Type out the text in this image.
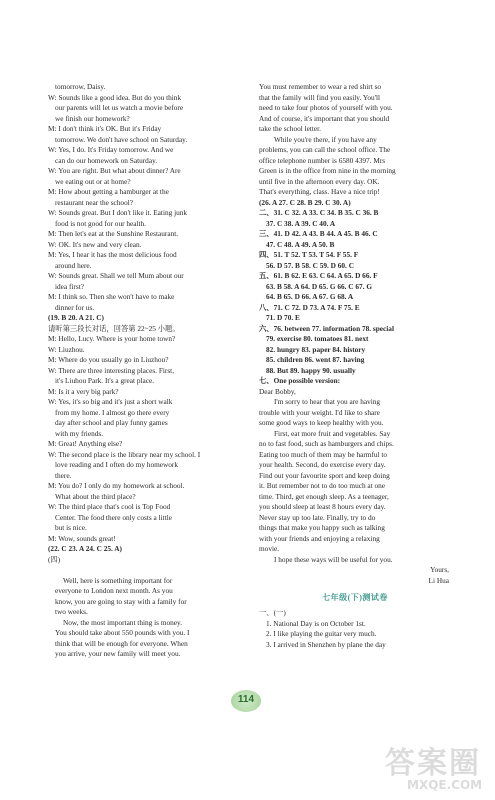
tomorrow, Daisy.
W: Sounds like a good idea. But do you think
our parents will let us watch a movie before
we finish our homework?
M: I don't think it's OK. But it's Friday
tomorrow. We don't have school on Saturday.
W: Yes, I do. It's Friday tomorrow. And we
can do our homework on Saturday.
W: You are right. But what about dinner? Are
we eating out or at home?
M: How about getting a hamburger at the
restaurant near the school?
W: Sounds great. But I don't like it. Eating junk
food is not good for our health.
M: Then let's eat at the Sunshine Restaurant.
W: OK. It's new and very clean.
M: Yes, I hear it has the most delicious food
around here.
W: Sounds great. Shall we tell Mum about our
idea first?
M: I think so. Then she won't have to make
dinner for us.
(19. B 20. A 21. C)
请听第三段长对话，回答第 22~25 小题。
M: Hello, Lucy. Where is your home town?
W: Liuzhou.
M: Where do you usually go in Liuzhou?
W: There are three interesting places. First,
it's Liuhou Park. It's a great place.
M: Is it a very big park?
W: Yes, it's so big and it's just a short walk
from my home. I almost go there every
day after school and play funny games
with my friends.
M: Great! Anything else?
W: The second place is the library near my school. I
love reading and I often do my homework
there.
M: You do? I only do my homework at school.
What about the third place?
W: The third place that's cool is Top Food
Center. The food there only costs a little
but is nice.
M: Wow, sounds great!
(22. C 23. A 24. C 25. A)
(四)

Well, here is something important for
everyone to London next month. As you
know, you are going to stay with a family for
two weeks.
Now, the most important thing is money.
You should take about 550 pounds with you. I
think that will be enough for everyone. When
you arrive, your new family will meet you.
You must remember to wear a red shirt so
that the family will find you easily. You'll
need to take four photos of yourself with you.
And of course, it's important that you should
take the school letter.
While you're there, if you have any
problems, you can call the school office. The
office telephone number is 6580 4397. Mrs
Green is in the office from nine in the morning
until five in the afternoon every day. OK.
That's everything, class. Have a nice trip!
(26. A 27. C 28. B 29. C 30. A)
二、31. C 32. A 33. C 34. B 35. C 36. B
37. C 38. A 39. C 40. A
三、41. D 42. A 43. B 44. A 45. B 46. C
47. C 48. A 49. A 50. B
四、51. T 52. T 53. T 54. F 55. F
56. D 57. B 58. C 59. D 60. C
五、61. B 62. E 63. C 64. A 65. D 66. F
63. B 58. A 64. D 65. G 66. C 67. G
64. B 65. D 66. A 67. G 68. A
八、71. C 72. D 73. A 74. F 75. E
71. D 70. E
六、76. between 77. information 78. special
79. exercise 80. tomatoes 81. next
82. hungry 83. paper 84. history
85. children 86. went 87. having
88. But 89. happy 90. usually
七、One possible version:
Dear Bobby,
I'm sorry to hear that you are having
trouble with your weight. I'd like to share
some good ways to keep healthy with you.
First, eat more fruit and vegetables. Say
no to fast food, such as hamburgers and chips.
Eating too much of them may be harmful to
your health. Second, do exercise every day.
Find out your favourite sport and keep doing
it. But remember not to do too much at one
time. Third, get enough sleep. As a teenager,
you should sleep at least 8 hours every day.
Never stay up too late. Finally, try to do
things that make you happy such as talking
with your friends and enjoying a relaxing
movie.
I hope these ways will be useful for you.
Yours,
Li Hua
七年级(下)测试卷
一、(一)
1. National Day is on October 1st.
2. I like playing the guitar very much.
3. I arrived in Shenzhen by plane the day
114
答案圈
MXQE.COM
